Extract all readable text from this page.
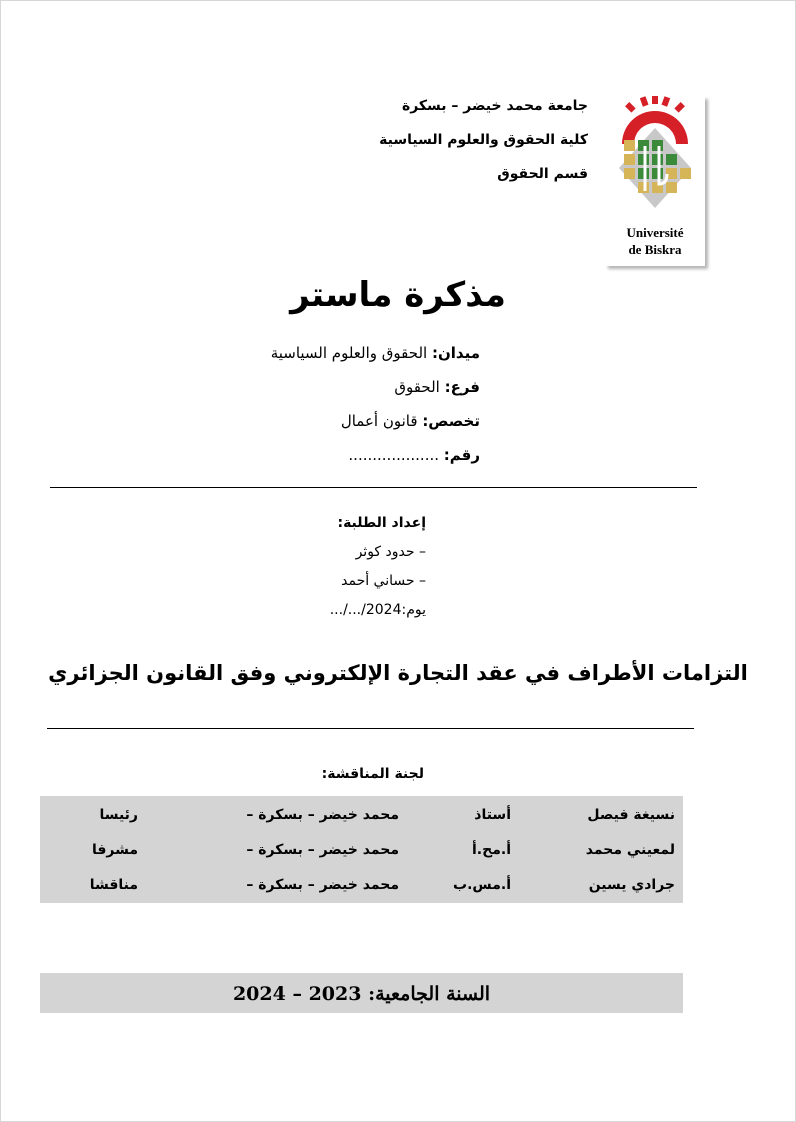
جامعة محمد خيضر – بسكرة
كلية الحقوق والعلوم السياسية
قسم الحقوق
Université
de Biskra
مذكرة ماستر
ميدان: الحقوق والعلوم السياسية
فرع: الحقوق
تخصص: قانون أعمال
رقم: ...................
إعداد الطلبة:
– حدود كوثر
– حساني أحمد
يوم: .../.../2024
التزامات الأطراف في عقد التجارة الإلكتروني وفق القانون الجزائري
لجنة المناقشة:
نسيغة فيصل
أستاذ
محمد خيضر – بسكرة –
رئيسا
لمعيني محمد
أ.مح.أ
محمد خيضر – بسكرة –
مشرفا
جرادي يسين
أ.مس.ب
محمد خيضر – بسكرة –
مناقشا
السنة الجامعية: 2023 – 2024
